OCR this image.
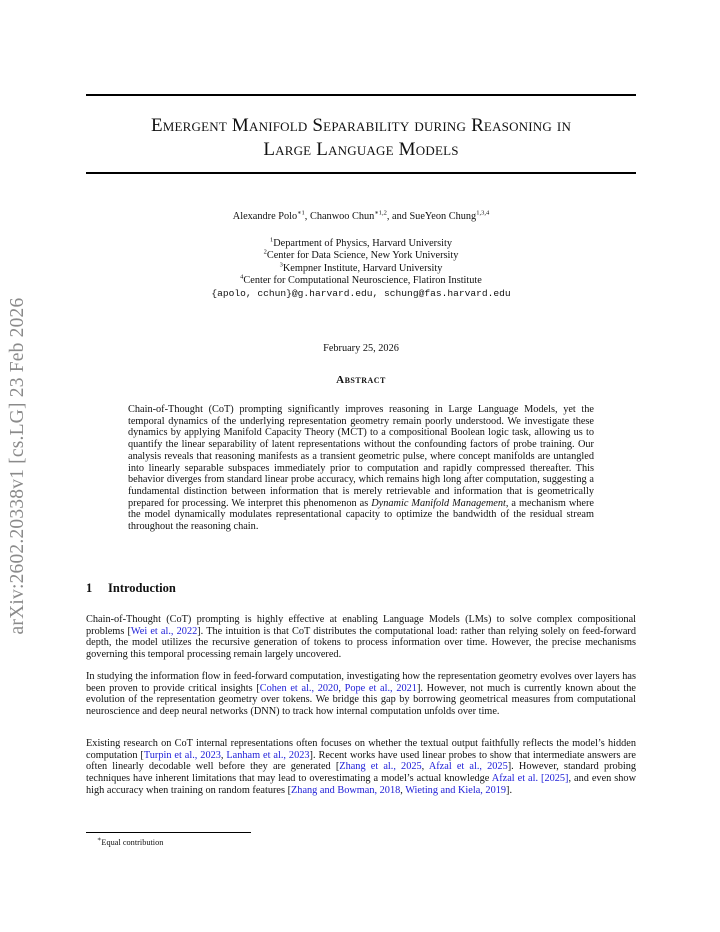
arXiv:2602.20338v1 [cs.LG] 23 Feb 2026
Emergent Manifold Separability during Reasoning in
Large Language Models
Alexandre Polo$^{∗1}$, Chanwoo Chun$^{∗1,2}$, and SueYeon Chung$^{1,3,4}$
$^1$Department of Physics, Harvard University
$^2$Center for Data Science, New York University
$^3$Kempner Institute, Harvard University
$^4$Center for Computational Neuroscience, Flatiron Institute
{apolo, cchun}@g.harvard.edu, schung@fas.harvard.edu
February 25, 2026
Abstract
Chain-of-Thought (CoT) prompting significantly improves reasoning in Large Language Models, yet the temporal dynamics of the underlying representation geometry remain poorly understood. We investigate these dynamics by applying Manifold Capacity Theory (MCT) to a compositional Boolean logic task, allowing us to quantify the linear separability of latent representations without the confounding factors of probe training. Our analysis reveals that reasoning manifests as a transient geometric pulse, where concept manifolds are untangled into linearly separable subspaces immediately prior to computation and rapidly compressed thereafter. This behavior diverges from standard linear probe accuracy, which remains high long after computation, suggesting a fundamental distinction between information that is merely retrievable and information that is geometrically prepared for processing. We interpret this phenomenon as Dynamic Manifold Management, a mechanism where the model dynamically modulates representational capacity to optimize the bandwidth of the residual stream throughout the reasoning chain.
1 Introduction
Chain-of-Thought (CoT) prompting is highly effective at enabling Language Models (LMs) to solve complex compositional problems [Wei et al., 2022]. The intuition is that CoT distributes the computational load: rather than relying solely on feed-forward depth, the model utilizes the recursive generation of tokens to process information over time. However, the precise mechanisms governing this temporal processing remain largely uncovered.
In studying the information flow in feed-forward computation, investigating how the representation geometry evolves over layers has been proven to provide critical insights [Cohen et al., 2020, Pope et al., 2021]. However, not much is currently known about the evolution of the representation geometry over tokens. We bridge this gap by borrowing geometrical measures from computational neuroscience and deep neural networks (DNN) to track how internal computation unfolds over time.
Existing research on CoT internal representations often focuses on whether the textual output faithfully reflects the model’s hidden computation [Turpin et al., 2023, Lanham et al., 2023]. Recent works have used linear probes to show that intermediate answers are often linearly decodable well before they are generated [Zhang et al., 2025, Afzal et al., 2025]. However, standard probing techniques have inherent limitations that may lead to overestimating a model’s actual knowledge Afzal et al. [2025], and even show high accuracy when training on random features [Zhang and Bowman, 2018, Wieting and Kiela, 2019].
∗Equal contribution
